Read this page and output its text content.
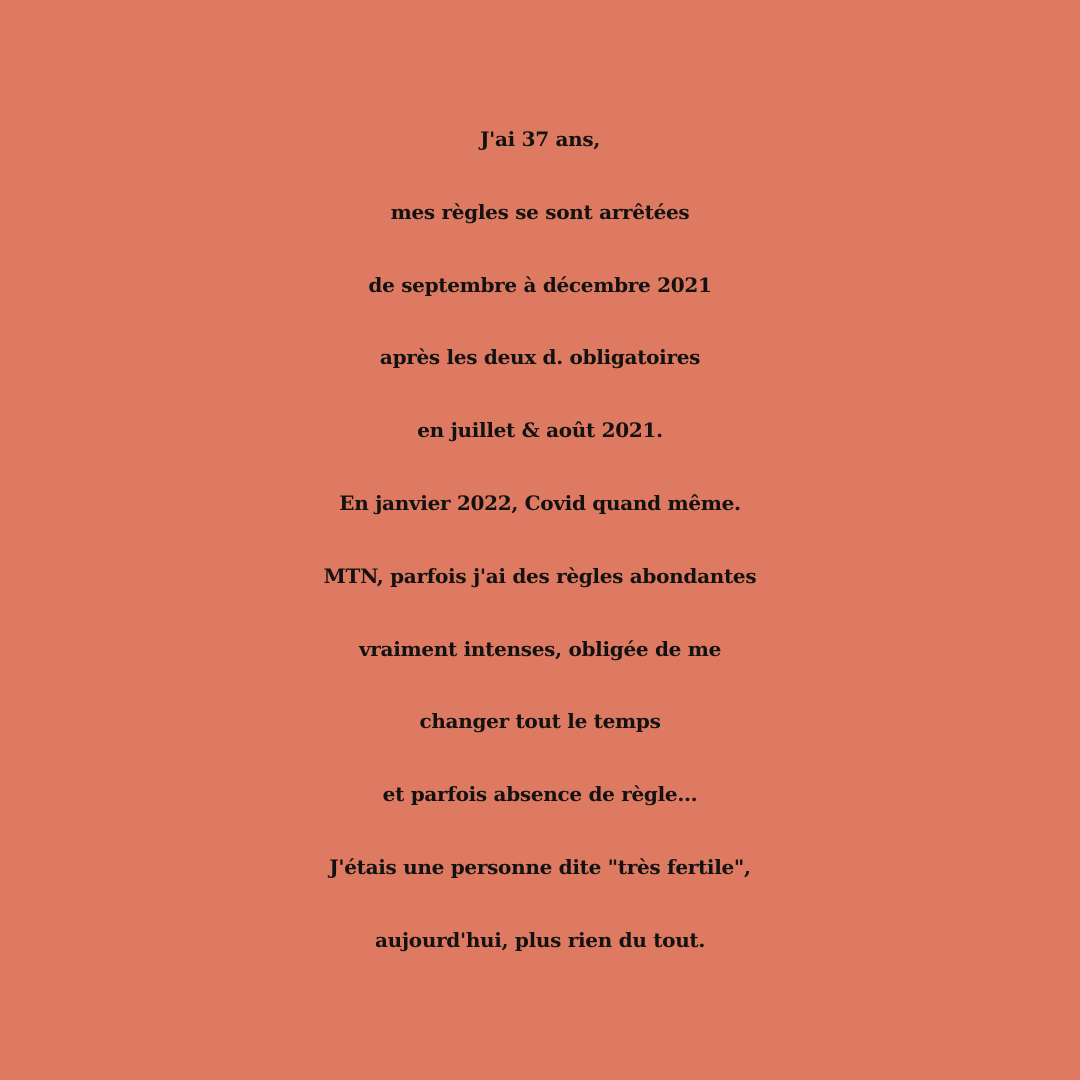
J'ai 37 ans,
mes règles se sont arrêtées
de septembre à décembre 2021
après les deux d. obligatoires
en juillet & août 2021.
En janvier 2022, Covid quand même.
MTN, parfois j'ai des règles abondantes
vraiment intenses, obligée de me
changer tout le temps
et parfois absence de règle...
J'étais une personne dite "très fertile",
aujourd'hui, plus rien du tout.
